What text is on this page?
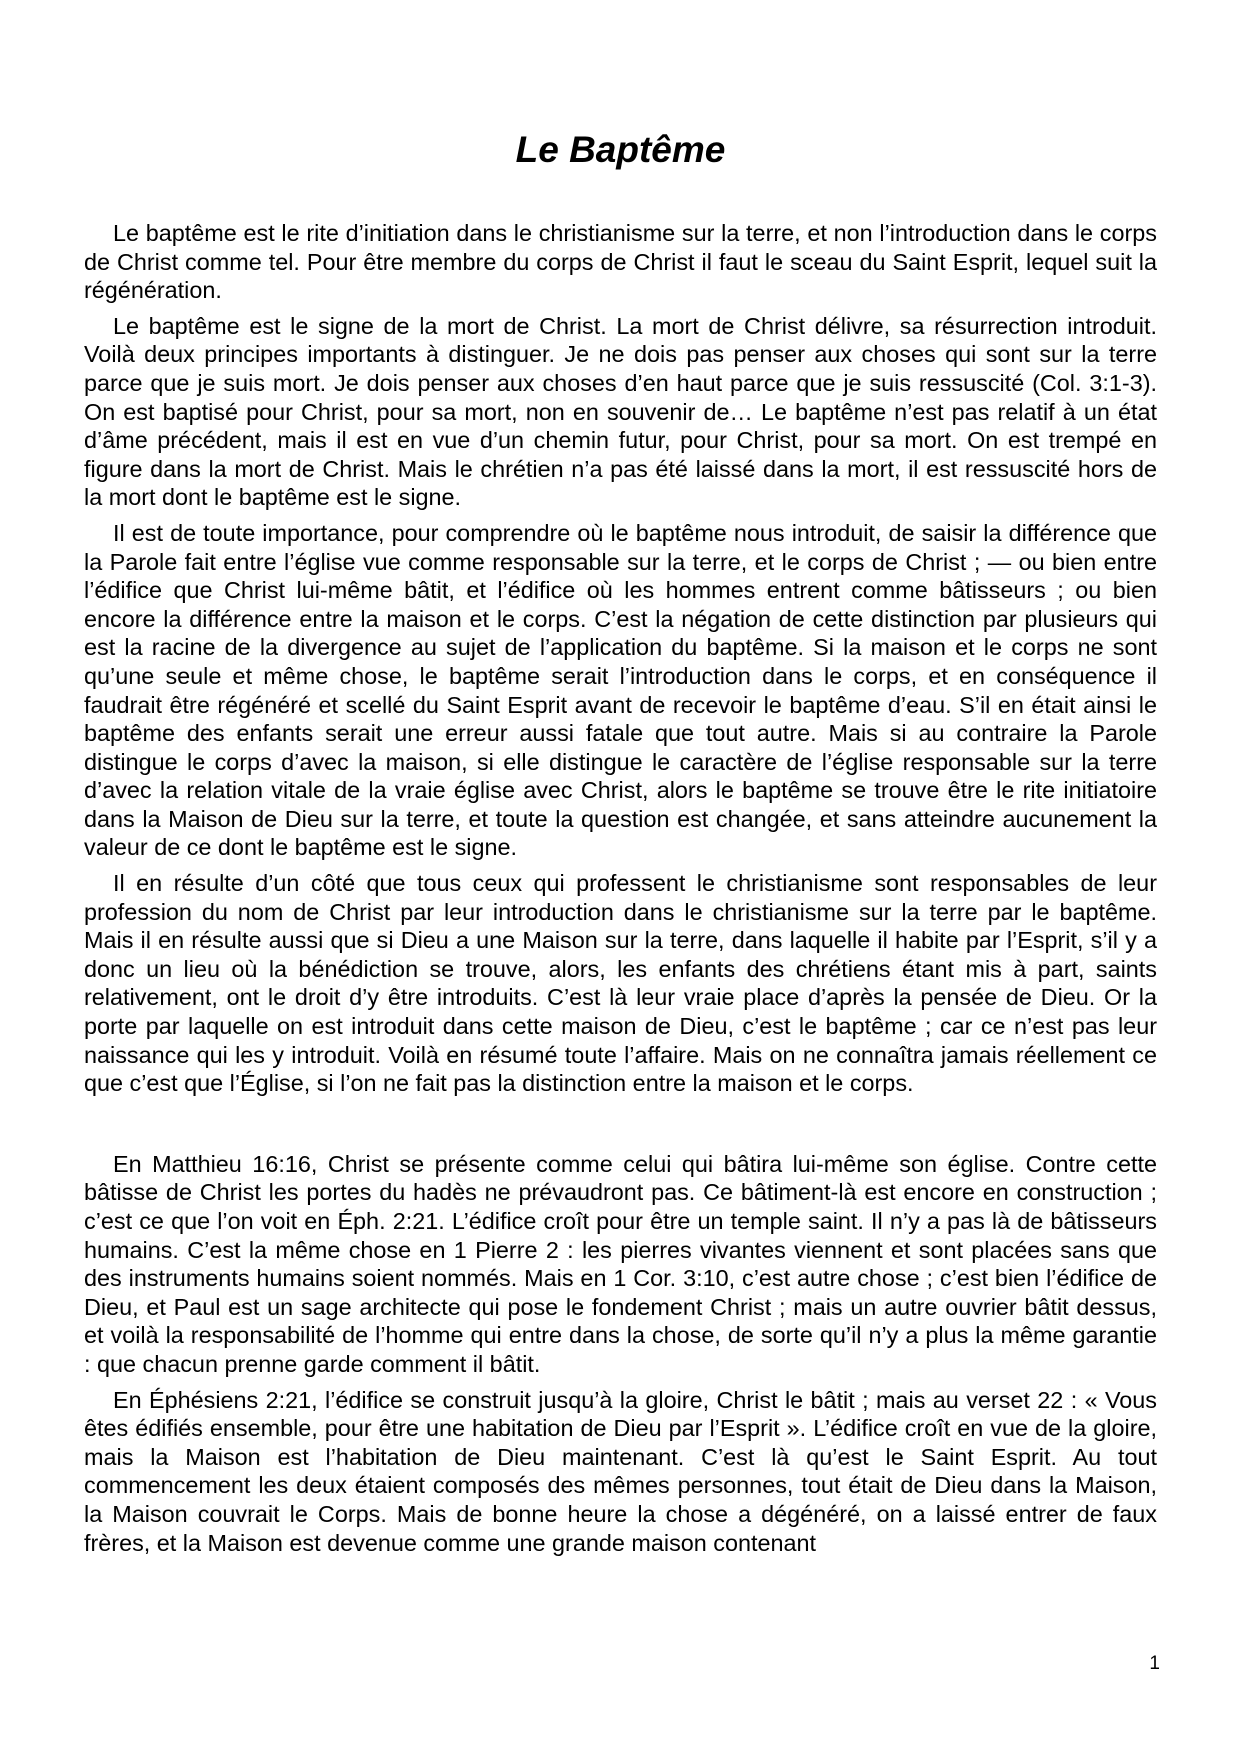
Le Baptême

Le baptême est le rite d’initiation dans le christianisme sur la terre, et non l’introduction dans le corps de Christ comme tel. Pour être membre du corps de Christ il faut le sceau du Saint Esprit, lequel suit la régénération.

Le baptême est le signe de la mort de Christ. La mort de Christ délivre, sa résurrection introduit. Voilà deux principes importants à distinguer. Je ne dois pas penser aux choses qui sont sur la terre parce que je suis mort. Je dois penser aux choses d’en haut parce que je suis ressuscité (Col. 3:1-3). On est baptisé pour Christ, pour sa mort, non en souvenir de… Le baptême n’est pas relatif à un état d’âme précédent, mais il est en vue d’un chemin futur, pour Christ, pour sa mort. On est trempé en figure dans la mort de Christ. Mais le chrétien n’a pas été laissé dans la mort, il est ressuscité hors de la mort dont le baptême est le signe.

Il est de toute importance, pour comprendre où le baptême nous introduit, de saisir la différence que la Parole fait entre l’église vue comme responsable sur la terre, et le corps de Christ ; — ou bien entre l’édifice que Christ lui-même bâtit, et l’édifice où les hommes entrent comme bâtisseurs ; ou bien encore la différence entre la maison et le corps. C’est la négation de cette distinction par plusieurs qui est la racine de la divergence au sujet de l’application du baptême. Si la maison et le corps ne sont qu’une seule et même chose, le baptême serait l’introduction dans le corps, et en conséquence il faudrait être régénéré et scellé du Saint Esprit avant de recevoir le baptême d’eau. S’il en était ainsi le baptême des enfants serait une erreur aussi fatale que tout autre. Mais si au contraire la Parole distingue le corps d’avec la maison, si elle distingue le caractère de l’église responsable sur la terre d’avec la relation vitale de la vraie église avec Christ, alors le baptême se trouve être le rite initiatoire dans la Maison de Dieu sur la terre, et toute la question est changée, et sans atteindre aucunement la valeur de ce dont le baptême est le signe.

Il en résulte d’un côté que tous ceux qui professent le christianisme sont responsables de leur profession du nom de Christ par leur introduction dans le christianisme sur la terre par le baptême. Mais il en résulte aussi que si Dieu a une Maison sur la terre, dans laquelle il habite par l’Esprit, s’il y a donc un lieu où la bénédiction se trouve, alors, les enfants des chrétiens étant mis à part, saints relativement, ont le droit d’y être introduits. C’est là leur vraie place d’après la pensée de Dieu. Or la porte par laquelle on est introduit dans cette maison de Dieu, c’est le baptême ; car ce n’est pas leur naissance qui les y introduit. Voilà en résumé toute l’affaire. Mais on ne connaîtra jamais réellement ce que c’est que l’Église, si l’on ne fait pas la distinction entre la maison et le corps.

En Matthieu 16:16, Christ se présente comme celui qui bâtira lui-même son église. Contre cette bâtisse de Christ les portes du hadès ne prévaudront pas. Ce bâtiment-là est encore en construction ; c’est ce que l’on voit en Éph. 2:21. L’édifice croît pour être un temple saint. Il n’y a pas là de bâtisseurs humains. C’est la même chose en 1 Pierre 2 : les pierres vivantes viennent et sont placées sans que des instruments humains soient nommés. Mais en 1 Cor. 3:10, c’est autre chose ; c’est bien l’édifice de Dieu, et Paul est un sage architecte qui pose le fondement Christ ; mais un autre ouvrier bâtit dessus, et voilà la responsabilité de l’homme qui entre dans la chose, de sorte qu’il n’y a plus la même garantie : que chacun prenne garde comment il bâtit.

En Éphésiens 2:21, l’édifice se construit jusqu’à la gloire, Christ le bâtit ; mais au verset 22 : « Vous êtes édifiés ensemble, pour être une habitation de Dieu par l’Esprit ». L’édifice croît en vue de la gloire, mais la Maison est l’habitation de Dieu maintenant. C’est là qu’est le Saint Esprit. Au tout commencement les deux étaient composés des mêmes personnes, tout était de Dieu dans la Maison, la Maison couvrait le Corps. Mais de bonne heure la chose a dégénéré, on a laissé entrer de faux frères, et la Maison est devenue comme une grande maison contenant

1
